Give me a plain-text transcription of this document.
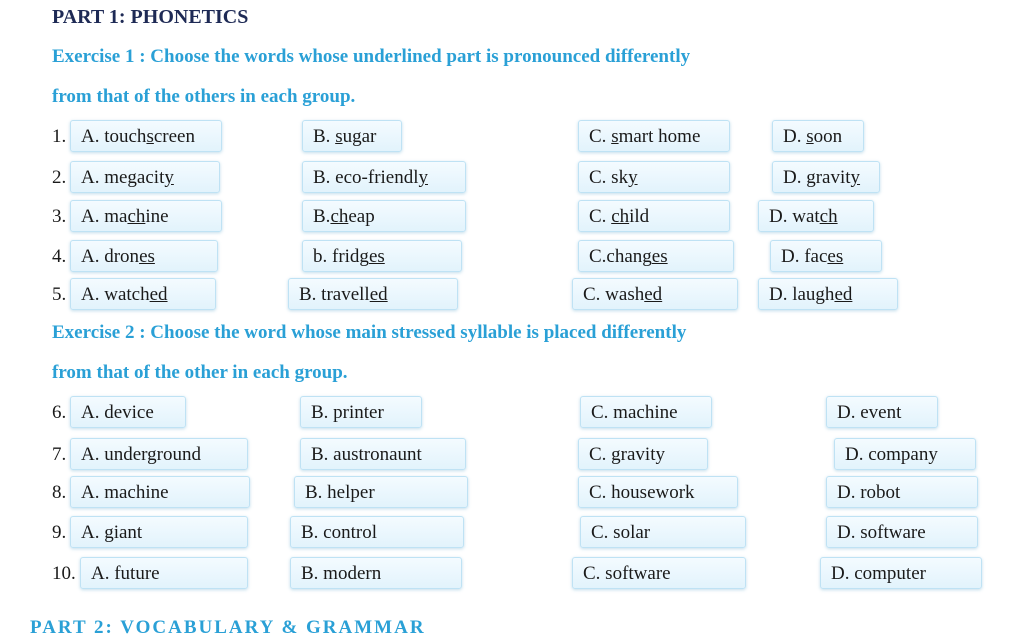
PART 1: PHONETICS
Exercise 1 : Choose the words whose underlined part is pronounced differently
from that of the others in each group.
1. A. touchscreen	B. sugar	C. smart home	D. soon
2. A. megacity	B. eco-friendly	C. sky	D. gravity
3. A. machine	B.cheap	C. child	D. watch
4. A. drones	b. fridges	C.changes	D. faces
5. A. watched	B. travelled	C. washed	D. laughed
Exercise 2 : Choose the word whose main stressed syllable is placed differently
from that of the other in each group.
6. A. device	B. printer	C. machine	D. event
7. A. underground	B. austronaunt	C. gravity	D. company
8. A. machine	B. helper	C. housework	D. robot
9. A. giant	B. control	C. solar	D. software
10. A. future	B. modern	C. software	D. computer
PART 2: VOCABULARY & GRAMMAR
